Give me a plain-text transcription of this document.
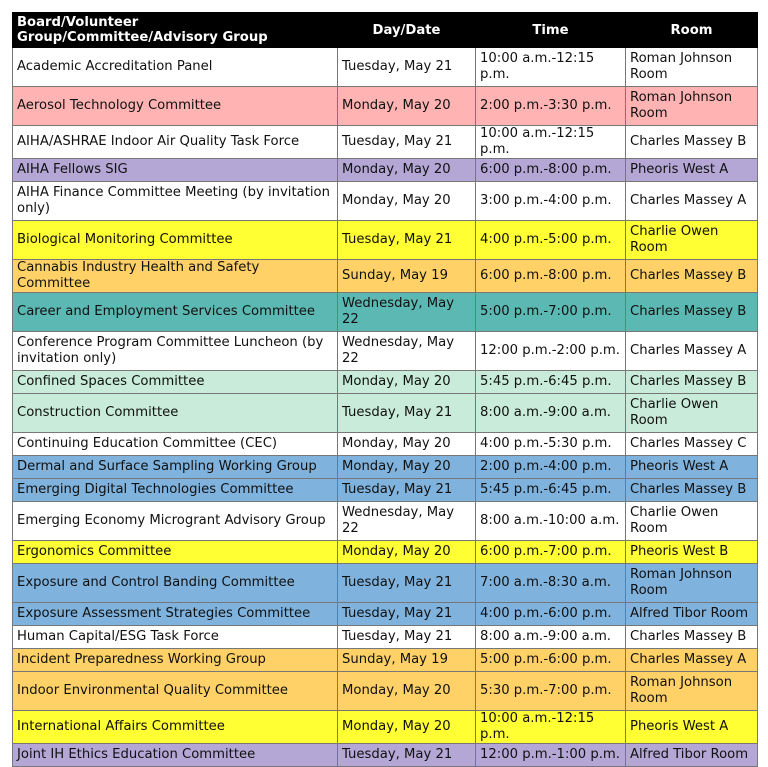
Board/Volunteer Group/Committee/Advisory Group	Day/Date	Time	Room
Academic Accreditation Panel	Tuesday, May 21	10:00 a.m.-12:15 p.m.	Roman Johnson Room
Aerosol Technology Committee	Monday, May 20	2:00 p.m.-3:30 p.m.	Roman Johnson Room
AIHA/ASHRAE Indoor Air Quality Task Force	Tuesday, May 21	10:00 a.m.-12:15 p.m.	Charles Massey B
AIHA Fellows SIG	Monday, May 20	6:00 p.m.-8:00 p.m.	Pheoris West A
AIHA Finance Committee Meeting (by invitation only)	Monday, May 20	3:00 p.m.-4:00 p.m.	Charles Massey A
Biological Monitoring Committee	Tuesday, May 21	4:00 p.m.-5:00 p.m.	Charlie Owen Room
Cannabis Industry Health and Safety Committee	Sunday, May 19	6:00 p.m.-8:00 p.m.	Charles Massey B
Career and Employment Services Committee	Wednesday, May 22	5:00 p.m.-7:00 p.m.	Charles Massey B
Conference Program Committee Luncheon (by invitation only)	Wednesday, May 22	12:00 p.m.-2:00 p.m.	Charles Massey A
Confined Spaces Committee	Monday, May 20	5:45 p.m.-6:45 p.m.	Charles Massey B
Construction Committee	Tuesday, May 21	8:00 a.m.-9:00 a.m.	Charlie Owen Room
Continuing Education Committee (CEC)	Monday, May 20	4:00 p.m.-5:30 p.m.	Charles Massey C
Dermal and Surface Sampling Working Group	Monday, May 20	2:00 p.m.-4:00 p.m.	Pheoris West A
Emerging Digital Technologies Committee	Tuesday, May 21	5:45 p.m.-6:45 p.m.	Charles Massey B
Emerging Economy Microgrant Advisory Group	Wednesday, May 22	8:00 a.m.-10:00 a.m.	Charlie Owen Room
Ergonomics Committee	Monday, May 20	6:00 p.m.-7:00 p.m.	Pheoris West B
Exposure and Control Banding Committee	Tuesday, May 21	7:00 a.m.-8:30 a.m.	Roman Johnson Room
Exposure Assessment Strategies Committee	Tuesday, May 21	4:00 p.m.-6:00 p.m.	Alfred Tibor Room
Human Capital/ESG Task Force	Tuesday, May 21	8:00 a.m.-9:00 a.m.	Charles Massey B
Incident Preparedness Working Group	Sunday, May 19	5:00 p.m.-6:00 p.m.	Charles Massey A
Indoor Environmental Quality Committee	Monday, May 20	5:30 p.m.-7:00 p.m.	Roman Johnson Room
International Affairs Committee	Monday, May 20	10:00 a.m.-12:15 p.m.	Pheoris West A
Joint IH Ethics Education Committee	Tuesday, May 21	12:00 p.m.-1:00 p.m.	Alfred Tibor Room
